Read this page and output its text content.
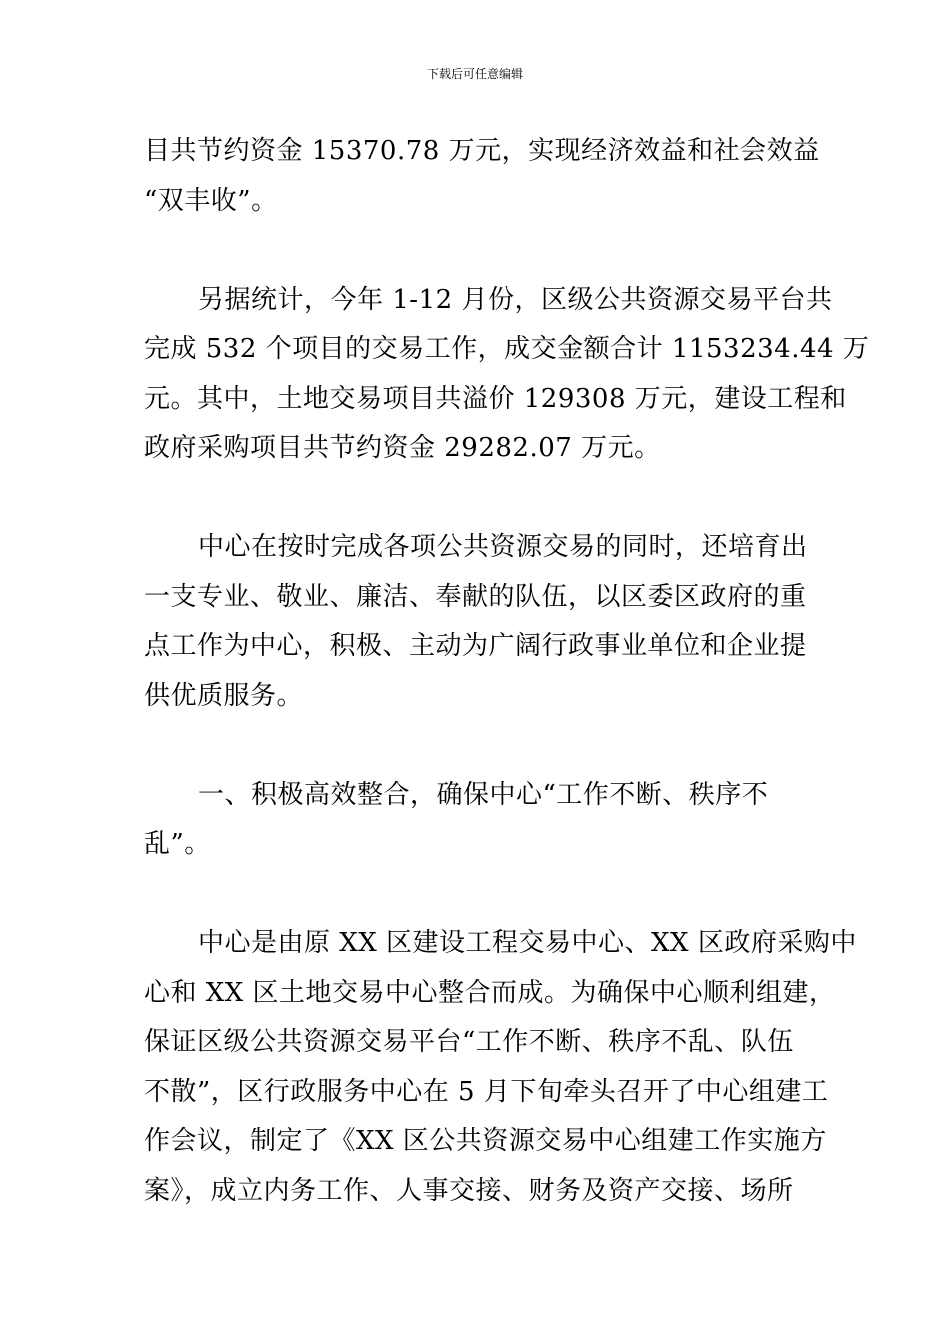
下载后可任意编辑

目共节约资金 15370.78 万元，实现经济效益和社会效益
“双丰收”。

另据统计，今年 1-12 月份，区级公共资源交易平台共
完成 532 个项目的交易工作，成交金额合计 1153234.44 万
元。其中，土地交易项目共溢价 129308 万元，建设工程和
政府采购项目共节约资金 29282.07 万元。

中心在按时完成各项公共资源交易的同时，还培育出
一支专业、敬业、廉洁、奉献的队伍，以区委区政府的重
点工作为中心，积极、主动为广阔行政事业单位和企业提
供优质服务。

一、积极高效整合，确保中心“工作不断、秩序不
乱”。

中心是由原 XX 区建设工程交易中心、XX 区政府采购中
心和 XX 区土地交易中心整合而成。为确保中心顺利组建，
保证区级公共资源交易平台“工作不断、秩序不乱、队伍
不散”，区行政服务中心在 5 月下旬牵头召开了中心组建工
作会议，制定了《XX 区公共资源交易中心组建工作实施方
案》，成立内务工作、人事交接、财务及资产交接、场所
